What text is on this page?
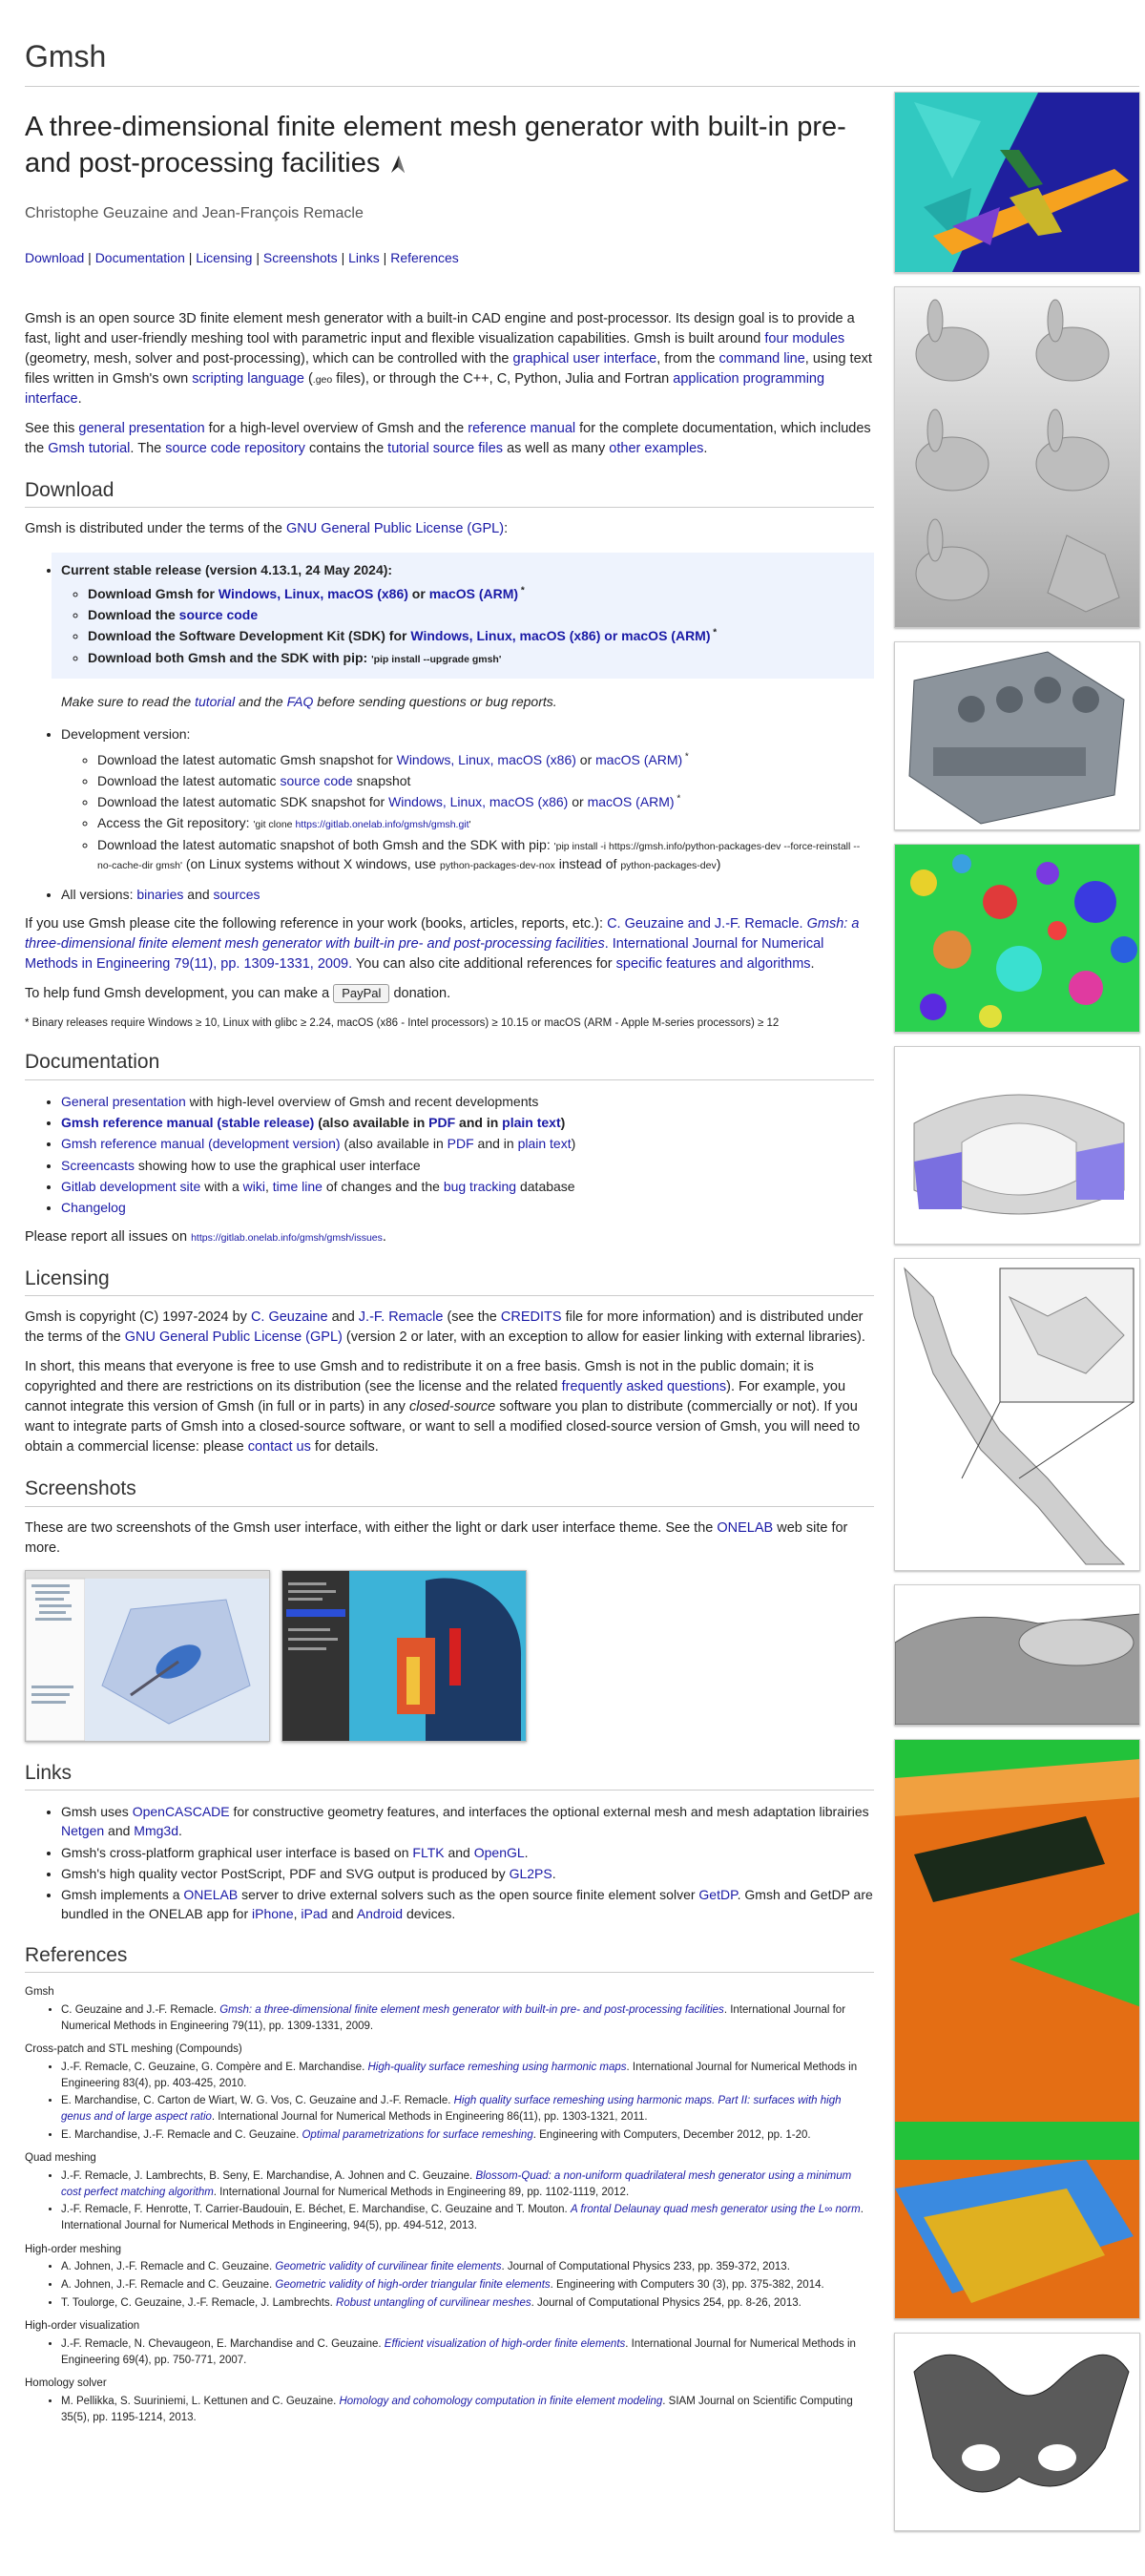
Gmsh
A three-dimensional finite element mesh generator with built-in pre- and post-processing facilities
Christophe Geuzaine and Jean-François Remacle
Download | Documentation | Licensing | Screenshots | Links | References

Gmsh is an open source 3D finite element mesh generator with a built-in CAD engine and post-processor. Its design goal is to provide a fast, light and user-friendly meshing tool with parametric input and flexible visualization capabilities. Gmsh is built around four modules (geometry, mesh, solver and post-processing), which can be controlled with the graphical user interface, from the command line, using text files written in Gmsh's own scripting language (.geo files), or through the C++, C, Python, Julia and Fortran application programming interface.

See this general presentation for a high-level overview of Gmsh and the reference manual for the complete documentation, which includes the Gmsh tutorial. The source code repository contains the tutorial source files as well as many other examples.

Download

Gmsh is distributed under the terms of the GNU General Public License (GPL):

• Current stable release (version 4.13.1, 24 May 2024):
◦ Download Gmsh for Windows, Linux, macOS (x86) or macOS (ARM) *
◦ Download the source code
◦ Download the Software Development Kit (SDK) for Windows, Linux, macOS (x86) or macOS (ARM) *
◦ Download both Gmsh and the SDK with pip: 'pip install --upgrade gmsh'
Make sure to read the tutorial and the FAQ before sending questions or bug reports.
• Development version:
◦ Download the latest automatic Gmsh snapshot for Windows, Linux, macOS (x86) or macOS (ARM) *
◦ Download the latest automatic source code snapshot
◦ Download the latest automatic SDK snapshot for Windows, Linux, macOS (x86) or macOS (ARM) *
◦ Access the Git repository: 'git clone https://gitlab.onelab.info/gmsh/gmsh.git'
◦ Download the latest automatic snapshot of both Gmsh and the SDK with pip: 'pip install -i https://gmsh.info/python-packages-dev --force-reinstall --no-cache-dir gmsh' (on Linux systems without X windows, use python-packages-dev-nox instead of python-packages-dev)
• All versions: binaries and sources

If you use Gmsh please cite the following reference in your work (books, articles, reports, etc.): C. Geuzaine and J.-F. Remacle. Gmsh: a three-dimensional finite element mesh generator with built-in pre- and post-processing facilities. International Journal for Numerical Methods in Engineering 79(11), pp. 1309-1331, 2009. You can also cite additional references for specific features and algorithms.

To help fund Gmsh development, you can make a PayPal donation.

* Binary releases require Windows ≥ 10, Linux with glibc ≥ 2.24, macOS (x86 - Intel processors) ≥ 10.15 or macOS (ARM - Apple M-series processors) ≥ 12
Documentation
• General presentation with high-level overview of Gmsh and recent developments
• Gmsh reference manual (stable release) (also available in PDF and in plain text)
• Gmsh reference manual (development version) (also available in PDF and in plain text)
• Screencasts showing how to use the graphical user interface
• Gitlab development site with a wiki, time line of changes and the bug tracking database
• Changelog

Please report all issues on https://gitlab.onelab.info/gmsh/gmsh/issues.

Licensing

Gmsh is copyright (C) 1997-2024 by C. Geuzaine and J.-F. Remacle (see the CREDITS file for more information) and is distributed under the terms of the GNU General Public License (GPL) (version 2 or later, with an exception to allow for easier linking with external libraries).

In short, this means that everyone is free to use Gmsh and to redistribute it on a free basis. Gmsh is not in the public domain; it is copyrighted and there are restrictions on its distribution (see the license and the related frequently asked questions). For example, you cannot integrate this version of Gmsh (in full or in parts) in any closed-source software you plan to distribute (commercially or not). If you want to integrate parts of Gmsh into a closed-source software, or want to sell a modified closed-source version of Gmsh, you will need to obtain a commercial license: please contact us for details.

Screenshots

These are two screenshots of the Gmsh user interface, with either the light or dark user interface theme. See the ONELAB web site for more.

Links
• Gmsh uses OpenCASCADE for constructive geometry features, and interfaces the optional external mesh and mesh adaptation librairies Netgen and Mmg3d.
• Gmsh's cross-platform graphical user interface is based on FLTK and OpenGL.
• Gmsh's high quality vector PostScript, PDF and SVG output is produced by GL2PS.
• Gmsh implements a ONELAB server to drive external solvers such as the open source finite element solver GetDP. Gmsh and GetDP are bundled in the ONELAB app for iPhone, iPad and Android devices.
References
Gmsh
• C. Geuzaine and J.-F. Remacle. Gmsh: a three-dimensional finite element mesh generator with built-in pre- and post-processing facilities. International Journal for Numerical Methods in Engineering 79(11), pp. 1309-1331, 2009.
Cross-patch and STL meshing (Compounds)
• J.-F. Remacle, C. Geuzaine, G. Compère and E. Marchandise. High-quality surface remeshing using harmonic maps. International Journal for Numerical Methods in Engineering 83(4), pp. 403-425, 2010.
• E. Marchandise, C. Carton de Wiart, W. G. Vos, C. Geuzaine and J.-F. Remacle. High quality surface remeshing using harmonic maps. Part II: surfaces with high genus and of large aspect ratio. International Journal for Numerical Methods in Engineering 86(11), pp. 1303-1321, 2011.
• E. Marchandise, J.-F. Remacle and C. Geuzaine. Optimal parametrizations for surface remeshing. Engineering with Computers, December 2012, pp. 1-20.
Quad meshing
• J.-F. Remacle, J. Lambrechts, B. Seny, E. Marchandise, A. Johnen and C. Geuzaine. Blossom-Quad: a non-uniform quadrilateral mesh generator using a minimum cost perfect matching algorithm. International Journal for Numerical Methods in Engineering 89, pp. 1102-1119, 2012.
• J.-F. Remacle, F. Henrotte, T. Carrier-Baudouin, E. Béchet, E. Marchandise, C. Geuzaine and T. Mouton. A frontal Delaunay quad mesh generator using the L∞ norm. International Journal for Numerical Methods in Engineering, 94(5), pp. 494-512, 2013.
High-order meshing
• A. Johnen, J.-F. Remacle and C. Geuzaine. Geometric validity of curvilinear finite elements. Journal of Computational Physics 233, pp. 359-372, 2013.
• A. Johnen, J.-F. Remacle and C. Geuzaine. Geometric validity of high-order triangular finite elements. Engineering with Computers 30 (3), pp. 375-382, 2014.
• T. Toulorge, C. Geuzaine, J.-F. Remacle, J. Lambrechts. Robust untangling of curvilinear meshes. Journal of Computational Physics 254, pp. 8-26, 2013.
High-order visualization
• J.-F. Remacle, N. Chevaugeon, E. Marchandise and C. Geuzaine. Efficient visualization of high-order finite elements. International Journal for Numerical Methods in Engineering 69(4), pp. 750-771, 2007.
Homology solver
• M. Pellikka, S. Suuriniemi, L. Kettunen and C. Geuzaine. Homology and cohomology computation in finite element modeling. SIAM Journal on Scientific Computing 35(5), pp. 1195-1214, 2013.
